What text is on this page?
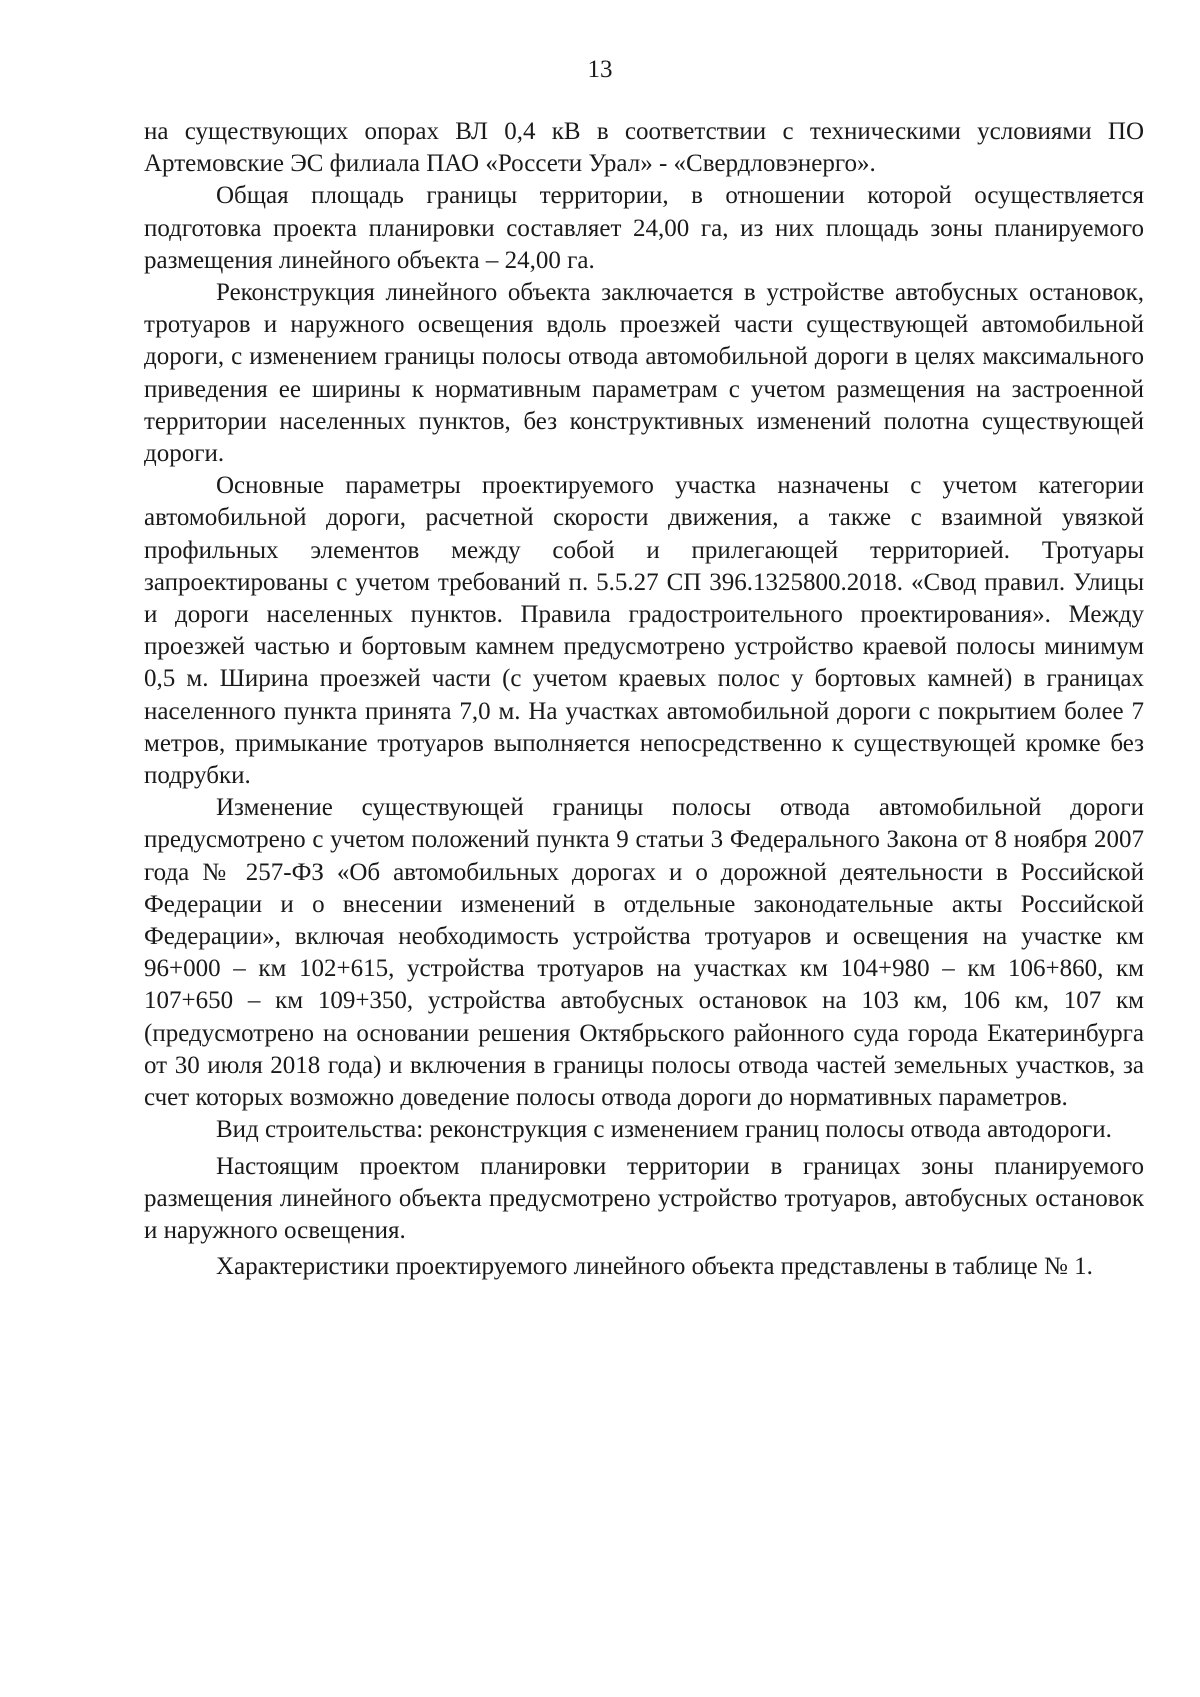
13

на существующих опорах ВЛ 0,4 кВ в соответствии с техническими условиями ПО Артемовские ЭС филиала ПАО «Россети Урал» - «Свердловэнерго».

Общая площадь границы территории, в отношении которой осуществляется подготовка проекта планировки составляет 24,00 га, из них площадь зоны планируемого размещения линейного объекта – 24,00 га.

Реконструкция линейного объекта заключается в устройстве автобусных остановок, тротуаров и наружного освещения вдоль проезжей части существующей автомобильной дороги, с изменением границы полосы отвода автомобильной дороги в целях максимального приведения ее ширины к нормативным параметрам с учетом размещения на застроенной территории населенных пунктов, без конструктивных изменений полотна существующей дороги.

Основные параметры проектируемого участка назначены с учетом категории автомобильной дороги, расчетной скорости движения, а также с взаимной увязкой профильных элементов между собой и прилегающей территорией. Тротуары запроектированы с учетом требований п. 5.5.27 СП 396.1325800.2018. «Свод правил. Улицы и дороги населенных пунктов. Правила градостроительного проектирования». Между проезжей частью и бортовым камнем предусмотрено устройство краевой полосы минимум 0,5 м. Ширина проезжей части (с учетом краевых полос у бортовых камней) в границах населенного пункта принята 7,0 м. На участках автомобильной дороги с покрытием более 7 метров, примыкание тротуаров выполняется непосредственно к существующей кромке без подрубки.

Изменение существующей границы полосы отвода автомобильной дороги предусмотрено с учетом положений пункта 9 статьи 3 Федерального Закона от 8 ноября 2007 года № 257-ФЗ «Об автомобильных дорогах и о дорожной деятельности в Российской Федерации и о внесении изменений в отдельные законодательные акты Российской Федерации», включая необходимость устройства тротуаров и освещения на участке км 96+000 – км 102+615, устройства тротуаров на участках км 104+980 – км 106+860, км 107+650 – км 109+350, устройства автобусных остановок на 103 км, 106 км, 107 км (предусмотрено на основании решения Октябрьского районного суда города Екатеринбурга от 30 июля 2018 года) и включения в границы полосы отвода частей земельных участков, за счет которых возможно доведение полосы отвода дороги до нормативных параметров.

Вид строительства: реконструкция с изменением границ полосы отвода автодороги.

Настоящим проектом планировки территории в границах зоны планируемого размещения линейного объекта предусмотрено устройство тротуаров, автобусных остановок и наружного освещения.

Характеристики проектируемого линейного объекта представлены в таблице № 1.
